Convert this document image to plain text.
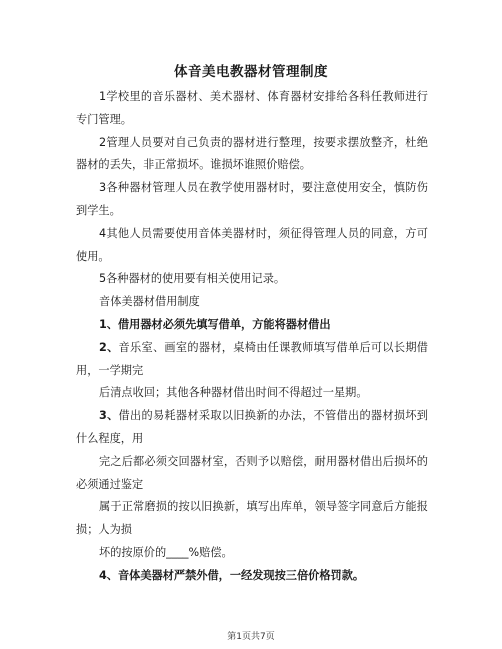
体音美电教器材管理制度

1学校里的音乐器材、美术器材、体育器材安排给各科任教师进行专门管理。

2管理人员要对自己负责的器材进行整理，按要求摆放整齐，杜绝器材的丢失，非正常损坏。谁损坏谁照价赔偿。

3各种器材管理人员在教学使用器材时，要注意使用安全，慎防伤到学生。

4其他人员需要使用音体美器材时，须征得管理人员的同意，方可使用。

5各种器材的使用要有相关使用记录。

音体美器材借用制度

1、借用器材必须先填写借单，方能将器材借出

2、音乐室、画室的器材，桌椅由任课教师填写借单后可以长期借用，一学期完

后清点收回；其他各种器材借出时间不得超过一星期。

3、借出的易耗器材采取以旧换新的办法，不管借出的器材损坏到什么程度，用

完之后都必须交回器材室，否则予以赔偿，耐用器材借出后损坏的必须通过鉴定

属于正常磨损的按以旧换新，填写出库单，领导签字同意后方能报损；人为损

坏的按原价的____%赔偿。

4、音体美器材严禁外借，一经发现按三倍价格罚款。

第1页共7页
